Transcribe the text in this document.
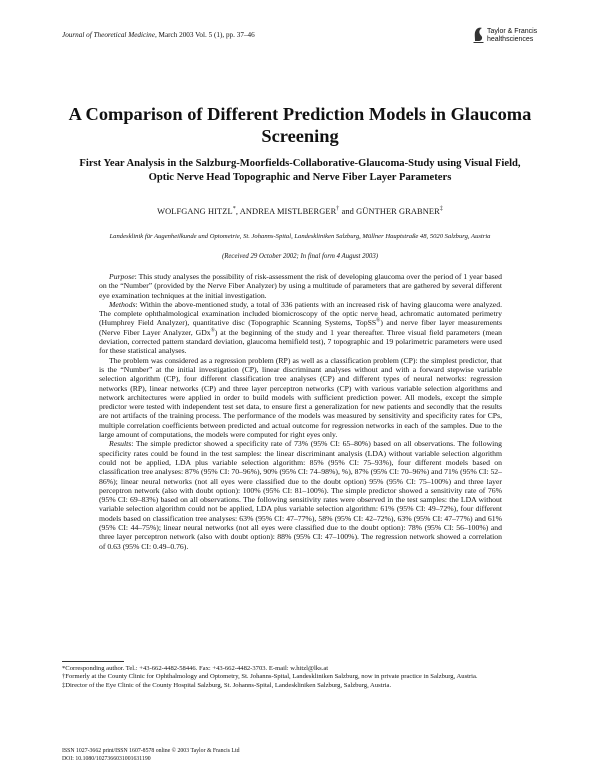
Journal of Theoretical Medicine, March 2003 Vol. 5 (1), pp. 37–46	Taylor & Francis
healthsciences
A Comparison of Different Prediction Models in Glaucoma Screening
First Year Analysis in the Salzburg-Moorfields-Collaborative-Glaucoma-Study using Visual Field, Optic Nerve Head Topographic and Nerve Fiber Layer Parameters
WOLFGANG HITZL*, ANDREA MISTLBERGER† and GÜNTHER GRABNER‡
Landesklinik für Augenheilkunde und Optometrie, St. Johanns-Spital, Landeskliniken Salzburg, Müllner Hauptstraße 48, 5020 Salzburg, Austria
(Received 29 October 2002; In final form 4 August 2003)

Purpose: This study analyses the possibility of risk-assessment the risk of developing glaucoma over the period of 1 year based on the “Number” (provided by the Nerve Fiber Analyzer) by using a multitude of parameters that are gathered by several different eye examination techniques at the initial investigation.

Methods: Within the above-mentioned study, a total of 336 patients with an increased risk of having glaucoma were analyzed. The complete ophthalmological examination included biomicroscopy of the optic nerve head, achromatic automated perimetry (Humphrey Field Analyzer), quantitative disc (Topographic Scanning Systems, TopSS®) and nerve fiber layer measurements (Nerve Fiber Layer Analyzer, GDx®) at the beginning of the study and 1 year thereafter. Three visual field parameters (mean deviation, corrected pattern standard deviation, glaucoma hemifield test), 7 topographic and 19 polarimetric parameters were used for these statistical analyses.

The problem was considered as a regression problem (RP) as well as a classification problem (CP): the simplest predictor, that is the “Number” at the initial investigation (CP), linear discriminant analyses without and with a forward stepwise variable selection algorithm (CP), four different classification tree analyses (CP) and different types of neural networks: regression networks (RP), linear networks (CP) and three layer perceptron networks (CP) with various variable selection algorithms and network architectures were applied in order to build models with sufficient prediction power. All models, except the simple predictor were tested with independent test set data, to ensure first a generalization for new patients and secondly that the results are not artifacts of the training process. The performance of the models was measured by sensitivity and specificity rates for CPs, multiple correlation coefficients between predicted and actual outcome for regression networks in each of the samples. Due to the large amount of computations, the models were computed for right eyes only.

Results: The simple predictor showed a specificity rate of 73% (95% CI: 65–80%) based on all observations. The following specificity rates could be found in the test samples: the linear discriminant analysis (LDA) without variable selection algorithm could not be applied, LDA plus variable selection algorithm: 85% (95% CI: 75–93%), four different models based on classification tree analyses: 87% (95% CI: 70–96%), 90% (95% CI: 74–98%), %), 87% (95% CI: 70–96%) and 71% (95% CI: 52–86%); linear neural networks (not all eyes were classified due to the doubt option) 95% (95% CI: 75–100%) and three layer perceptron network (also with doubt option): 100% (95% CI: 81–100%). The simple predictor showed a sensitivity rate of 76% (95% CI: 69–83%) based on all observations. The following sensitivity rates were observed in the test samples: the LDA without variable selection algorithm could not be applied, LDA plus variable selection algorithm: 61% (95% CI: 49–72%), four different models based on classification tree analyses: 63% (95% CI: 47–77%), 58% (95% CI: 42–72%), 63% (95% CI: 47–77%) and 61% (95% CI: 44–75%); linear neural networks (not all eyes were classified due to the doubt option): 78% (95% CI: 56–100%) and three layer perceptron network (also with doubt option): 88% (95% CI: 47–100%). The regression network showed a correlation of 0.63 (95% CI: 0.49–0.76).

*Corresponding author. Tel.: +43-662-4482-58446. Fax: +43-662-4482-3703. E-mail: w.hitzl@lks.at

†Formerly at the County Clinic for Ophthalmology and Optometry, St. Johanns-Spital, Landeskliniken Salzburg, now in private practice in Salzburg, Austria.

‡Director of the Eye Clinic of the County Hospital Salzburg, St. Johanns-Spital, Landeskliniken Salzburg, Salzburg, Austria.

ISSN 1027-3662 print/ISSN 1607-8578 online © 2003 Taylor & Francis Ltd

DOI: 10.1080/1027366031001631190
